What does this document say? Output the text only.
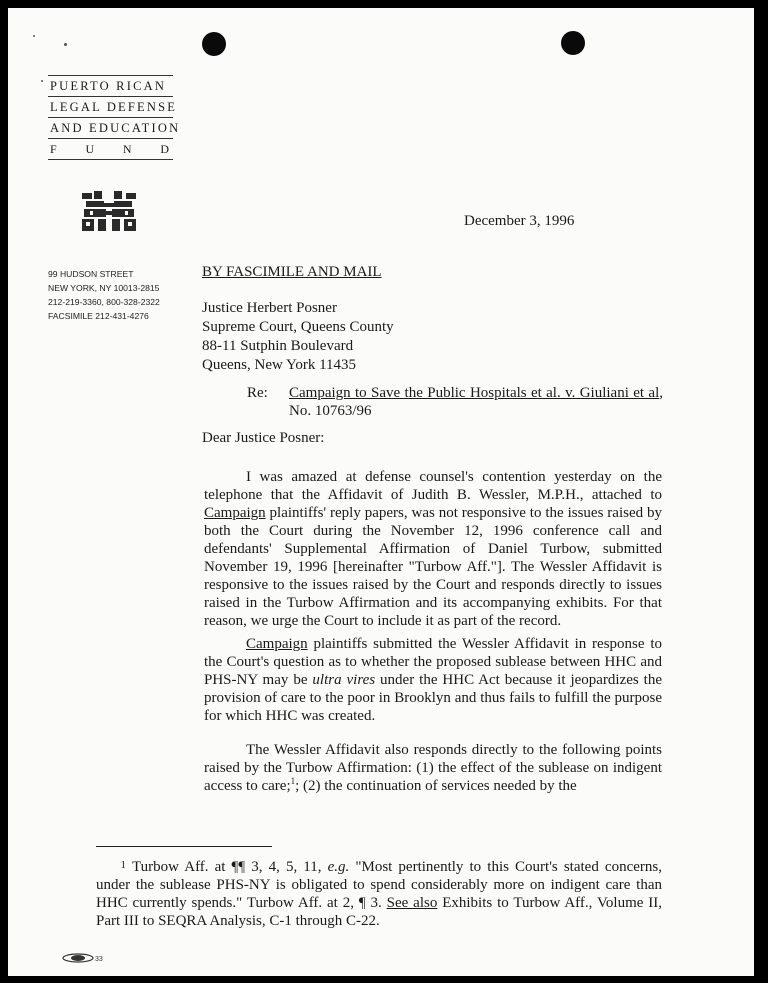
PUERTO RICAN
LEGAL DEFENSE
AND EDUCATION
F U N D
99 HUDSON STREET
NEW YORK, NY 10013-2815
212-219-3360, 800-328-2322
FACSIMILE 212-431-4276
December 3, 1996
BY FASCIMILE AND MAIL
Justice Herbert Posner
Supreme Court, Queens County
88-11 Sutphin Boulevard
Queens, New York 11435
Re:	Campaign to Save the Public Hospitals et al. v. Giuliani et al, No. 10763/96
Dear Justice Posner:
I was amazed at defense counsel's contention yesterday on the telephone that the Affidavit of Judith B. Wessler, M.P.H., attached to Campaign plaintiffs' reply papers, was not responsive to the issues raised by both the Court during the November 12, 1996 conference call and defendants' Supplemental Affirmation of Daniel Turbow, submitted November 19, 1996 [hereinafter "Turbow Aff."]. The Wessler Affidavit is responsive to the issues raised by the Court and responds directly to issues raised in the Turbow Affirmation and its accompanying exhibits. For that reason, we urge the Court to include it as part of the record.
Campaign plaintiffs submitted the Wessler Affidavit in response to the Court's question as to whether the proposed sublease between HHC and PHS-NY may be ultra vires under the HHC Act because it jeopardizes the provision of care to the poor in Brooklyn and thus fails to fulfill the purpose for which HHC was created.
The Wessler Affidavit also responds directly to the following points raised by the Turbow Affirmation: (1) the effect of the sublease on indigent access to care;$^1$; (2) the continuation of services needed by the
1 Turbow Aff. at ¶¶ 3, 4, 5, 11, e.g. "Most pertinently to this Court's stated concerns, under the sublease PHS-NY is obligated to spend considerably more on indigent care than HHC currently spends." Turbow Aff. at 2, ¶ 3. See also Exhibits to Turbow Aff., Volume II, Part III to SEQRA Analysis, C-1 through C-22.
33
